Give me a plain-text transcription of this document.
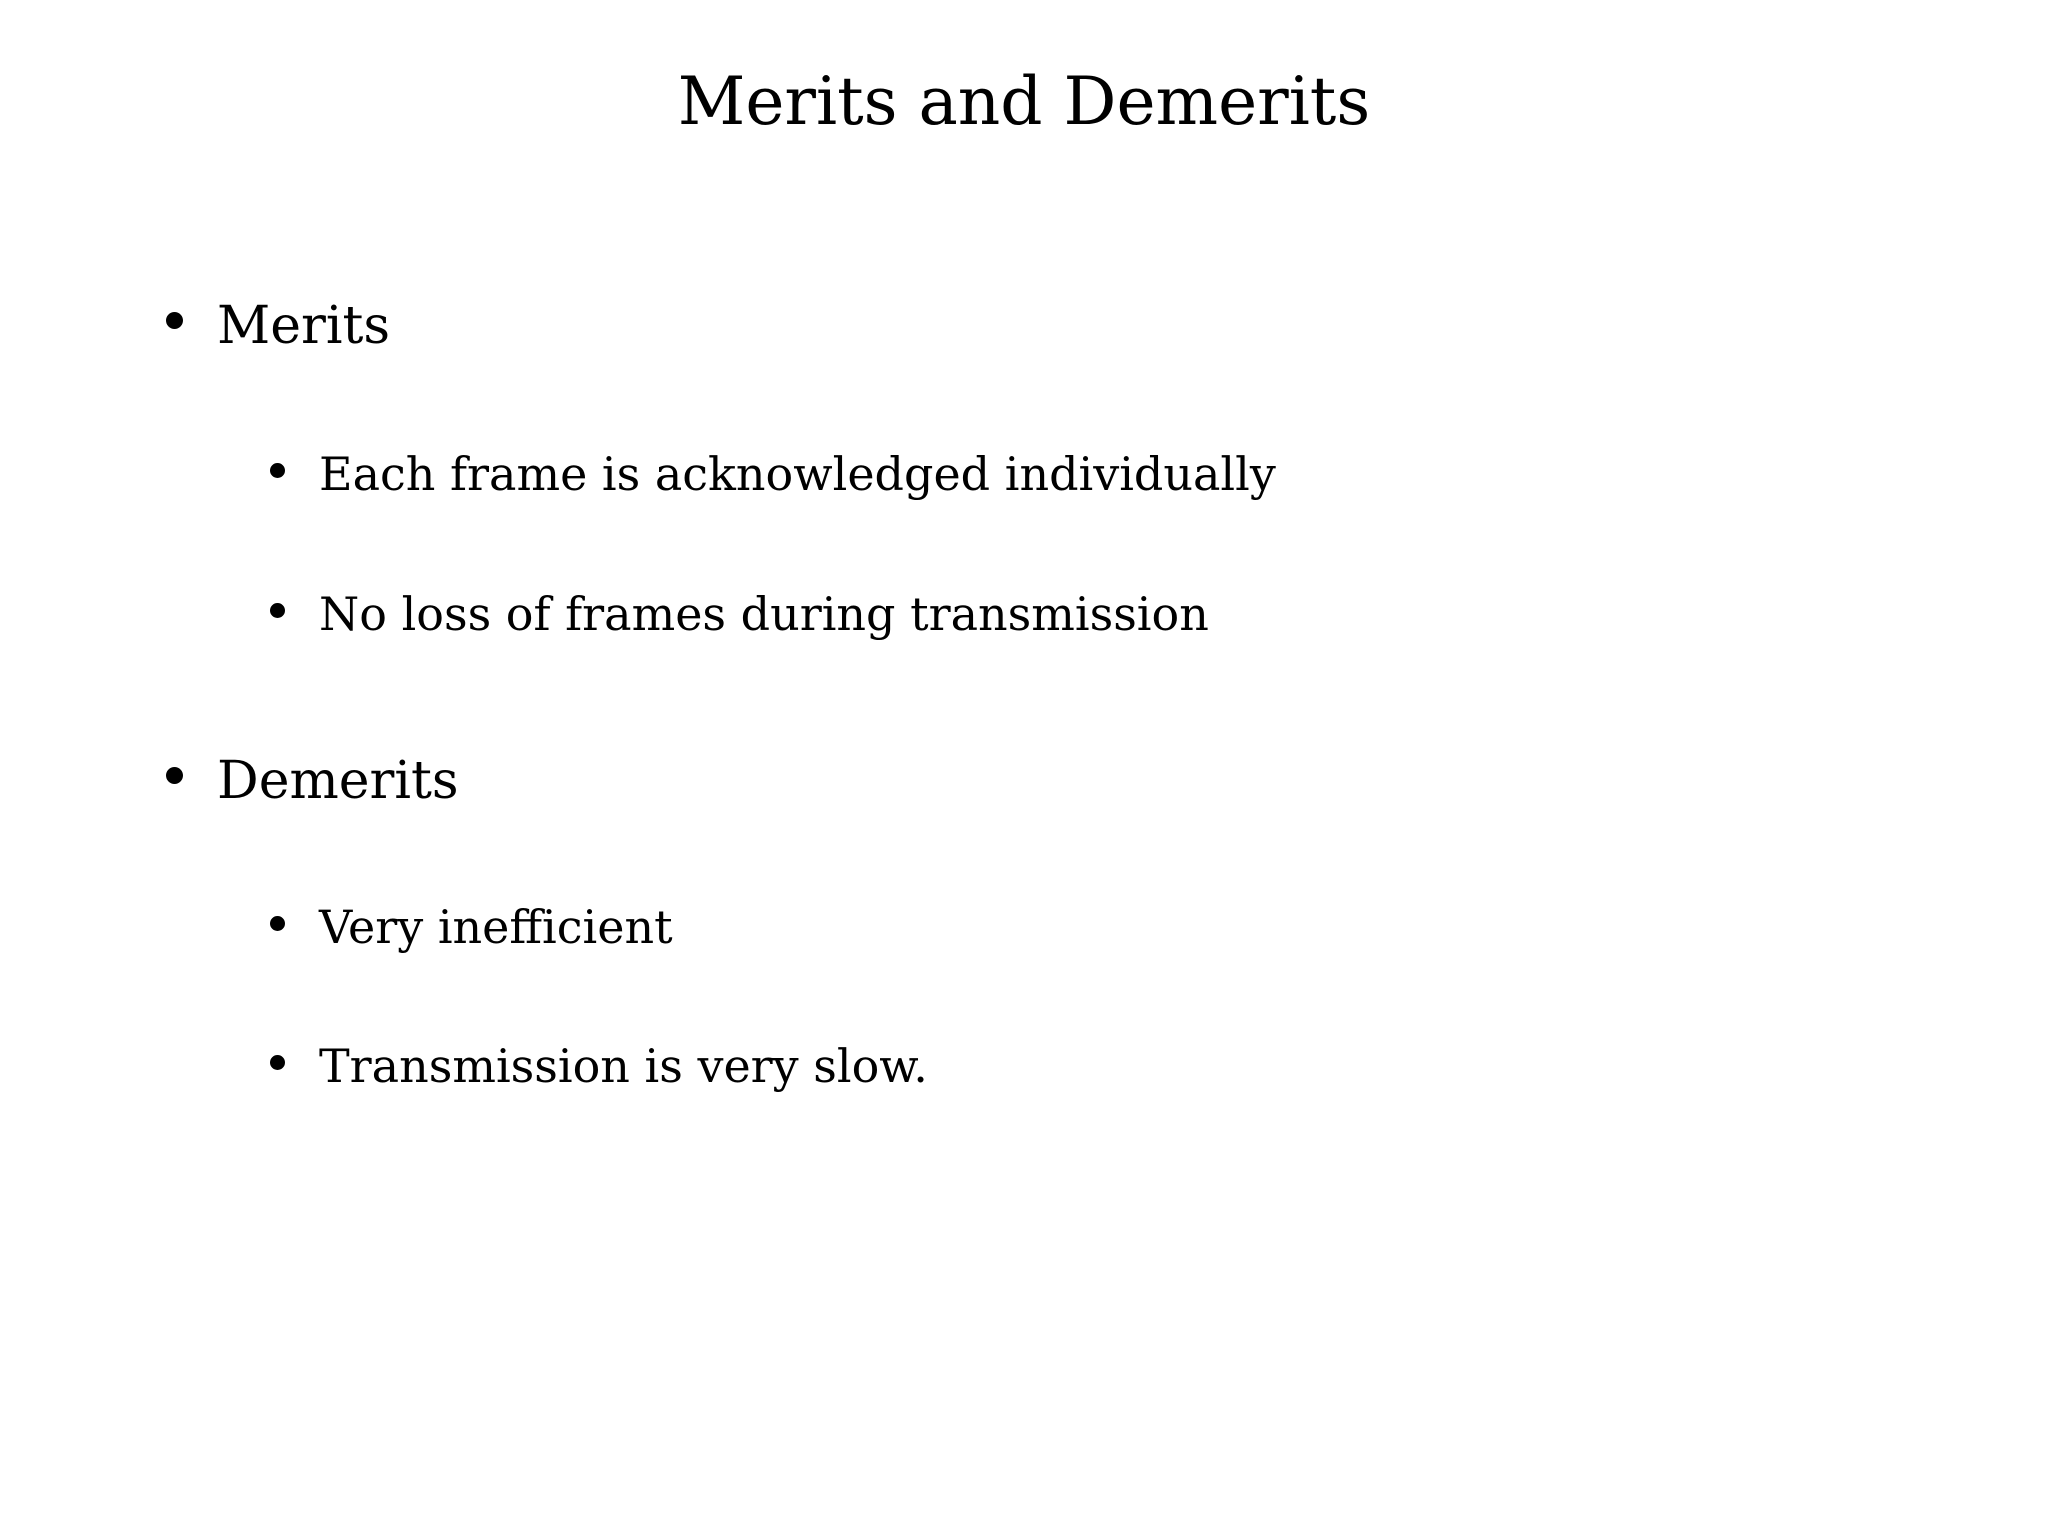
Merits and Demerits
Merits
Each frame is acknowledged individually
No loss of frames during transmission
Demerits
Very inefficient
Transmission is very slow.
